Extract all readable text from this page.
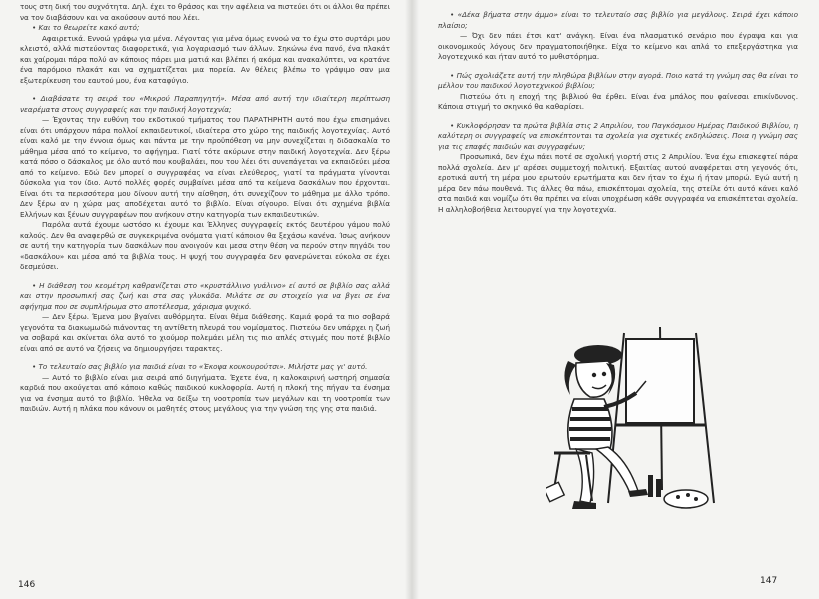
τους στη δική του συχνότητα. Δηλ. έχει το θράσος και την αφέλεια να πιστεύει ότι οι άλλοι θα πρέπει να τον διαβάσουν και να ακούσουν αυτό που λέει.

• Και το θεωρείτε κακό αυτό;

Αφαιρετικά. Εννοώ γράφω για μένα. Λέγοντας για μένα όμως εννοώ να το έχω στο συρτάρι μου κλειστό, αλλά πιστεύοντας διαφορετικά, για λογαριασμό των άλλων. Σηκώνω ένα πανό, ένα πλακάτ και χαίρομαι πάρα πολύ αν κάποιος πάρει μια ματιά και βλέπει ή ακόμα και ανακαλύπτει, να κρατάνε ένα παρόμοιο πλακάτ και να σχηματίζεται μια πορεία. Αν θέλεις βλέπω το γράψιμο σαν μια εξωτερίκευση του εαυτού μου, ένα καταφύγιο.

• Διαβάσατε τη σειρά του «Μικρού Παραπηγητή». Μέσα από αυτή την ιδιαίτερη περίπτωση νεαρέματα στους συγγραφείς και την παιδική λογοτεχνία;

— Έχοντας την ευθύνη του εκδοτικού τμήματος του ΠΑΡΑΤΗΡΗΤΗ αυτό που έχω επισημάνει είναι ότι υπάρχουν πάρα πολλοί εκπαιδευτικοί, ιδιαίτερα στο χώρο της παιδικής λογοτεχνίας. Αυτό είναι καλό με την έννοια όμως και πάντα με την προϋπόθεση να μην συνεχίζεται η διδασκαλία το μάθημα μέσα από το κείμενο, το αφήγημα. Γιατί τότε ακύρωνε στην παιδική λογοτεχνία. Δεν ξέρω κατά πόσο ο δάσκαλος με όλο αυτό που κουβαλάει, που του λέει ότι συνεπάγεται να εκπαιδεύει μέσα από το κείμενο. Εδώ δεν μπορεί ο συγγραφέας να είναι ελεύθερος, γιατί τα πράγματα γίνονται δύσκολα για τον ίδιο. Αυτό πολλές φορές συμβαίνει μέσα από τα κείμενα δασκάλων που έρχονται. Είναι ότι τα περισσότερα μου δίνουν αυτή την αίσθηση, ότι συνεχίζουν το μάθημα με άλλο τρόπο. Δεν ξέρω αν η χώρα μας αποδέχεται αυτό το βιβλίο. Είναι σίγουρο. Είναι ότι σχημένα βιβλία Ελλήνων και ξένων συγγραφέων που ανήκουν στην κατηγορία των εκπαιδευτικών.

Παρόλα αυτά έχουμε ωστόσο κι έχουμε και Έλληνες συγγραφείς εκτός δευτέρου γάμου πολύ καλούς. Δεν θα αναφερθώ σε συγκεκριμένα ονόματα γιατί κάποιον θα ξεχάσω κανένα. Ίσως ανήκουν σε αυτή την κατηγορία των δασκάλων που ανοιγούν και μεσα στην θέση να περούν στην πηγάδι του «δασκάλου» και μέσα από τα βιβλία τους. Η ψυχή του συγγραφέα δεν φανερώνεται εύκολα σε έχει δεσμεύσει.

• Η διάθεση του κεομέτρη καθρανίζεται στο «κρυστάλλινο γυάλινο» εί αυτό σε βιβλίο σας αλλά και στην προσωπική σας ζωή και στα σας γλυκάδα. Μιλάτε σε συ στοιχείο για να βγει σε ένα αφήγημα που σε συμπλήρωμα στο αποτέλεσμα, χάρισμα ψυχικό.

— Δεν ξέρω. Έμενα μου βγαίνει αυθόρμητα. Είναι θέμα διάθεσης. Καμιά φορά τα πιο σοβαρά γεγονότα τα διακωμωδώ πιάνοντας τη αντίθετη πλευρά του νομίσματος. Πιστεύω δεν υπάρχει η ζωή να σοβαρά και σκίνεται όλα αυτό το χιούμορ πολεμάει μέλη τις πιο απλές στιγμές που ποτέ βιβλίο είναι από σε αυτό να ζήσεις να δημιουργήσει ταρακτες.

• Το τελευταίο σας βιβλίο για παιδιά είναι το «Έκοψα κουκουρούτσι». Μιλήστε μας γι' αυτό.

— Αυτό το βιβλίο είναι μια σειρά από διηγήματα. Έχετε ένα, η καλοκαιρινή ωστηρή σημασία καρδιά που ακούγεται από κάποιο καθώς παιδικού κυκλοφορία. Αυτή η πλοκή της πήγαν τα ένσημα για να ένσημα αυτό το βιβλίο. Ήθελα να δείξω τη νοοτροπία των μεγάλων και τη νοοτροπία των παιδιών. Αυτή η πλάκα που κάνουν οι μαθητές στους μεγάλους για την γνώση της γης στα παιδιά.

146

• «Δέκα βήματα στην άμμο» είναι το τελευταίο σας βιβλίο για μεγάλους. Σειρά έχει κάποιο πλαίσιο;

— Όχι δεν πάει έτσι κατ' ανάγκη. Είναι ένα πλασματικό σενάριο που έγραψα και για οικονομικούς λόγους δεν πραγματοποιήθηκε. Είχα το κείμενο και απλά το επεξεργάστηκα για λογοτεχνικό και ήταν αυτό το μυθιστόρημα.

• Πώς σχολιάζετε αυτή την πληθώρα βιβλίων στην αγορά. Ποιο κατά τη γνώμη σας θα είναι το μέλλον του παιδικού λογοτεχνικού βιβλίου;

Πιστεύω ότι η εποχή της βιβλιού θα έρθει. Είναι ένα μπάλος που φαίνεσαι επικίνδυνος. Κάποια στιγμή το σκηνικό θα καθαρίσει.

• Κυκλοφόρησαν τα πρώτα βιβλία στις 2 Απριλίου, του Παγκόσμιου Ημέρας Παιδικού Βιβλίου, η καλύτερη οι συγγραφείς να επισκέπτονται τα σχολεία για σχετικές εκδηλώσεις. Ποια η γνώμη σας για τις επαφές παιδιών και συγγραφέων;

Προσωπικά, δεν έχω πάει ποτέ σε σχολική γιορτή στις 2 Απριλίου. Ένα έχω επισκεφτεί πάρα πολλά σχολεία. Δεν μ' αρέσει συμμετοχή πολιτική. Εξαιτίας αυτού αναφέρεται στη γεγονός ότι, εροτικά αυτή τη μέρα μου ερωτούν ερωτήματα και δεν ήταν το έχω ή ήταν μπορώ. Εγώ αυτή η μέρα δεν πάω πουθενά. Τις άλλες θα πάω, επισκέπτομαι σχολεία, της στείλε ότι αυτό κάνει καλό στα παιδιά και νομίζω ότι θα πρέπει να είναι υποχρέωση κάθε συγγραφέα να επισκέπτεται σχολεία. Η αλληλοβοήθεια λειτουργεί για την λογοτεχνία.

147
